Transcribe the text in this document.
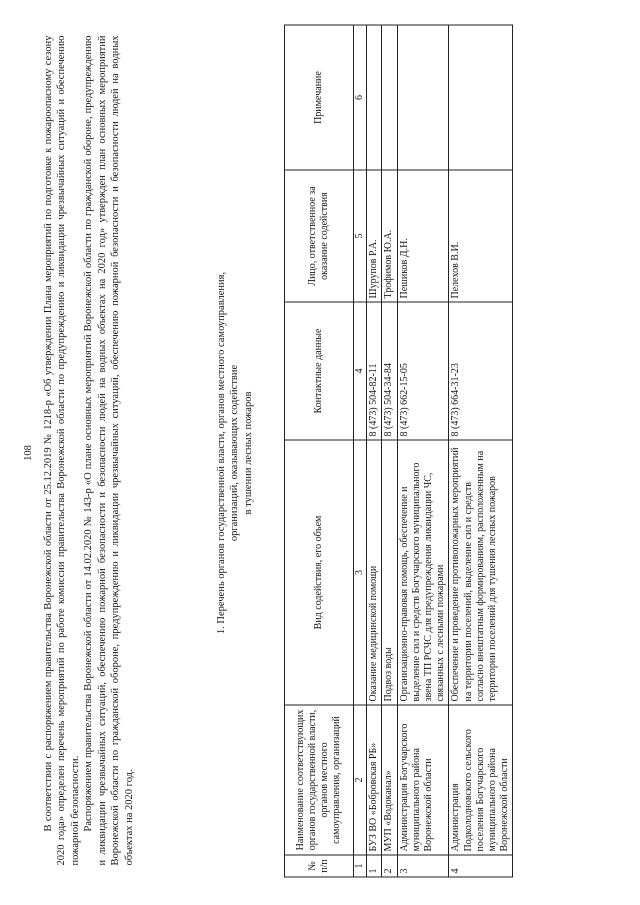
108 В соответствии с распоряжением правительства Воронежской области от 25.12.2019 № 1218-р «Об утверждении Плана мероприятий по подготовке к пожароопасному сезону 2020 года» определен перечень мероприятий по работе комиссии правительства Воронежской области по предупреждению и ликвидации чрезвычайных ситуаций и обеспечению пожарной безопасности. Распоряжением правительства Воронежской области от 14.02.2020 № 143-р «О плане основных мероприятий Воронежской области по гражданской обороне, предупреждению и ликвидации чрезвычайных ситуаций, обеспечению пожарной безопасности и безопасности людей на водных объектах на 2020 год» утвержден план основных мероприятий Воронежской области по гражданской обороне, предупреждению и ликвидации чрезвычайных ситуаций, обеспечению пожарной безопасности и безопасности людей на водных объектах на 2020 год.

1. Перечень органов государственной власти, органов местного самоуправления, организаций, оказывающих содействие в тушении лесных пожаров
№ п/п	Наименование соответствующих органов государственной власти, органов местного самоуправления, организаций	Вид содействия, его объем	Контактные данные	Лицо, ответственное за оказание содействия	Примечание
1	2	3	4	5	6
1	БУЗ ВО «Бобровская РБ»	Оказание медицинской помощи	8 (473) 504-82-11	Шурупов Р.А.	
2	МУП «Водоканал»	Подвоз воды	8 (473) 504-34-84	Трофимов Ю.А.	
3	Администрация Богучарского муниципального района Воронежской области	Организационно-правовая помощь, обеспечение и выделение сил и средств Богучарского муниципального звена ТП РСЧС для предупреждения ликвидации ЧС, связанных с лесными пожарами	8 (473) 662-15-05	Пешиков Д.Н.	
4	Администрация Подколодновского сельского поселения Богучарского муниципального района Воронежской области	Обеспечение и проведение противопожарных мероприятий на территории поселений, выделение сил и средств согласно внештатным формированиям, расположенным на территории поселений для тушения лесных пожаров	8 (473) 664-31-23	Пелехов В.И.	
